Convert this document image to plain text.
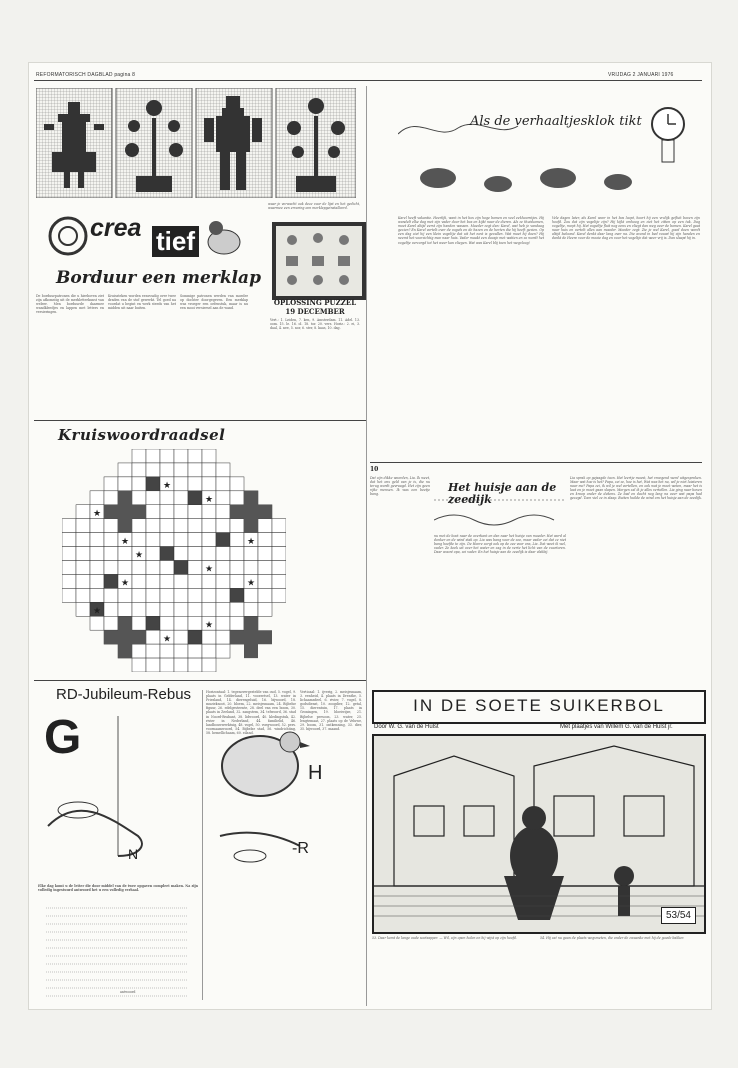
REFORMATORISCH DAGBLAD pagina 8	VRIJDAG 2 JANUARI 1976
crea tief
waar je verwacht ook deze voor de lijst en het gedicht, waarmee een ervaring een merklapgeinstalleerd.
Borduur een merklap
De borduurpatronen die u hierboven ziet zijn afkomstig uit de merkletterkunst van weleer. Men borduurde daarmee wandkleedjes en lappen met letters en versieringen.
Kruissteken worden eenvoudig over twee draden van de stof gewerkt. Tel goed na voordat u begint en werk steeds van het midden uit naar buiten.
Sommige patronen werden van moeder op dochter doorgegeven. Een merklap was vroeger een oefenstuk, maar is nu een mooi versiersel aan de wand.
OPLOSSING PUZZEL
19 DECEMBER
Vert.: 1. Leiden, 7. ken, 9. Amsterdam. 11. Adel. 13. oom. 15. le. 16. ol. 18. tor. 20. vers. Horiz.: 2. ei, 3. daal, 4. nee, 5. nor, 6. ster, 8. kaas, 10. dag.
Kruiswoordraadsel
★
★
★
★
★
★
★
★
★
★
★
★
Als de verhaaltjesklok tikt
Karel heeft vakantie. Heerlijk, want in het bos zijn hoge bomen en veel eekhoorntjes. Hij wandelt elke dag met zijn vader door het bos en kijkt naar de dieren. Als ze thuiskomen, moet Karel altijd eerst zijn handen wassen. Moeder zegt dan: Karel, wat heb je vandaag gezien? En Karel vertelt over de vogels en de hazen en de herten die hij heeft gezien. Op een dag ziet hij een klein vogeltje dat uit het nest is gevallen. Wat moet hij doen? Hij neemt het voorzichtig mee naar huis. Vader maakt een doosje met watten en zo wordt het vogeltje verzorgd tot het weer kan vliegen. Wat was Karel blij toen het wegvloog!
Vele dagen later, als Karel weer in het bos loopt, hoort hij een vrolijk gefluit boven zijn hoofd. Zou dat zijn vogeltje zijn? Hij kijkt omhoog en ziet het zitten op een tak. Dag vogeltje, roept hij. Het vogeltje fluit nog eens en vliegt dan weg over de bomen. Karel gaat naar huis en vertelt alles aan moeder. Moeder zegt: Zie je wel Karel, goed doen wordt altijd beloond. Karel denkt daar lang over na. Die avond in bed vouwt hij zijn handen en dankt de Heere voor de mooie dag en voor het vogeltje dat weer vrij is. Dan slaapt hij in.
10
Dat zijn dikke woorden, Lia. Ik weet, dat het ons geld van je is, die nu terug wordt gevraagd. Het zijn geen rijke mensen. Ik was een beetje bang.
Het huisje aan de zeedijk
nu met de boot naar de overkant en dan naar het huisje van moeder. Het werd al donker en de wind stak op. Lia was bang voor de zee, maar vader zei dat ze niet bang hoefde te zijn. De Heere zorgt ook op de zee voor ons, Lia. Dat weet ik wel, vader. Ze keek uit over het water en zag in de verte het licht van de vuurtoren. Daar woont opa, zei vader. En het huisje aan de zeedijk is daar vlakbij.
Lia sprak op gejaagde toon. Het leertje moest, het vroegend werd uitgesproken. Maar wat hoe is het? Papa, zei ze, hoe is het, Wat was het nu, wil je niet luisteren naar me? Papa zei, ik wil je wel vertellen, en ook wat je moet weten, maar het is laat en je moet gaan slapen. Morgen zal ik je alles vertellen. Lia ging naar boven en kroop onder de dekens. Ze bad en dacht nog lang na over wat papa had gezegd. Toen viel ze in slaap. Buiten huilde de wind om het huisje aan de zeedijk.
RD-Jubileum-Rebus
G
N
H
-R
Elke dag komt u de letter die door middel van de twee opgaven compleet maken. Na zijn volledig ingestuurd antwoord het u een volledig verhaal.
antwoord
Horizontaal: 1. tegenovergestelde van oud, 5. vogel, 9. plaats in Gelderland, 11. voorzetsel, 13. water in Friesland, 14. dierengeluid, 16. bijwoord, 18. muzieknoot, 20. bloem, 22. meisjesnaam, 24. Bijbelse figuur, 26. edelgesteente, 28. deel van een boom, 30. plaats in Zeeland, 32. zangstem, 34. telwoord, 36. stad in Noord-Brabant, 38. lidwoord, 40. kledingstuk, 42. rivier in Nederland, 44. familielid, 46. landbouwwerktuig, 48. vogel, 50. voegwoord, 52. pers. voornaamwoord, 54. Bijbelse stad, 56. windrichting, 58. hemellichaam, 60. eiland.
Verticaal: 1. ijverig, 2. meisjesnaam, 3. eenheid, 4. plaats in Drenthe, 5. lichaamsdeel, 6. rivier, 7. vogel, 8. godsdienst, 10. zoogdier, 12. getal, 15. dierentuin, 17. plaats in Groningen, 19. bloeiwijze, 21. Bijbelse persoon, 23. water, 25. lengtemaat, 27. plaats op de Veluwe, 29. boom, 31. ontkenning, 33. dier, 35. bijwoord, 37. maand.
IN DE SOETE SUIKERBOL
Door W. G. van de Hulst	Met plaatjes van Willem G. van de Hulst jr.
53/54
53. Daar komt de lange oude soetsapper. — Wil, zijn open holen en hij wijst op zijn hoofd.	54. Hij zat nu gaan de plaats wegsmeten, die onder de zwaanke met hij de goede bakker.
